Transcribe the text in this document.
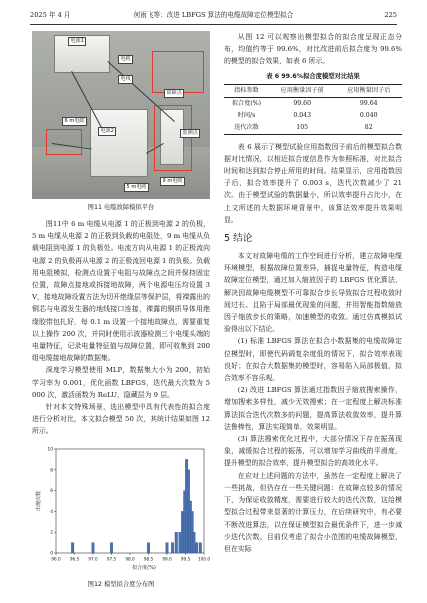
2025 年 4 月	何雨飞等：改进 LBFGS 算法的电缆故障定位模型拟合	225
电源1
电缆
电线
故障点
监测点
6 m电缆
电源2
5 m电缆
9 m电缆
图11 电缆故障模拟平台

图11中 6 m 电缆从电源 1 的正极到电源 2 的负极，5 m 电缆从电源 2 的正极到负载的电阻处，9 m 电缆从负载电阻到电源 1 的负极处。电流方向从电源 1 的正极流向电源 2 的负极再从电源 2 的正极流回电源 1 的负极。负载用电阻模拟，检测点设置于电阻与故障点之间并保持固定位置，故障点接地或拆接地故障，两个电源电压均设置 3 V，接地故障设置方法为切开绝缘层等保护层，将裸露出的铜芯与电源发生器的地线接口连接，裸露的铜质导体用绝缘胶带包扎好，每 0.1 m 设置一个接地故障点，需要重复以上操作 200 次，并同时使用示波器检测三个电缆头端的电量特征，记录电量特征值与故障位置，即可收集到 200 组电缆接地故障的数据集。

深度学习模型使用 MLP，数据集大小为 200，初始学习率为 0.001，优化函数 LBFGS，迭代最大次数为 5 000 次，激活函数为 ReLU，隐藏层为 9 层。

针对本文特殊场景，选出模型中具有代表性的拟合度进行分析对比，本文拟合模型 50 次，其统计结果如图 12 所示。

96.0 96.5 97.0 97.5 98.0 98.5 99.0 99.5 100.0
0
2
4
6
8
10
拟合度(%)
出现次数
图12 模型拟合度分布图

从图 12 可以观察出模型拟合的拟合度呈现正态分布，均值约等于 99.6%，对比改进前后拟合度为 99.6%的模型的拟合效果，如表 6 所示。

表 6 99.6%拟合度模型对比结果
指标参数	应用衡量因子前	应用衡量因子后
拟合度(%)	99.60	99.64
时间/s	0.043	0.040
迭代次数	105	82

表 6 展示了模型试验应用指数因子前后的模型拟合数据对比情况，以相近拟合度信息作为参照标准，对比拟合时间和达到拟合停止所用的时间。结果显示，应用指数因子后，拟合效率提升了 0.003 s，迭代次数减少了 21 次。由于模型试验的数据量小，所以效率提升占比小，在上文所述的大数据环境背景中，该算法效率提升效果明显。

5 结论

本文对故障电缆的工作空间进行分析，建立故障电缆环境模型，根据故障位置差异，捕捉电量特征，构造电缆故障定位模型，通过加入缩放因子的 LBFGS 优化算法，解决因故障电缆模型不可靠拟合步长导致拟合过程收敛时间过长、且陷于局部最优现象的问题，并用智能指数缩放因子缩放步长的策略，加速模型的收敛。通过仿真模拟试验得出以下结论。

(1) 标准 LBFGS 算法在拟合小数据集的电缆故障定位模型时，即使代码调复杂度低的情况下，拟合效率表现良好；在拟合大数据集的模型时，容易陷入局部极值，拟合效率不容乐观。

(2) 改进 LBFGS 算法通过指数因子缩放搜索操作，增加搜索多样性，减少无效搜索；在一定程度上解决标准算法拟合迭代次数多的问题，提高算法收敛效率，提升算法鲁棒性，算法实现简单，效果明显。

(3) 算法搜索优化过程中，大部分情况下存在振荡现象，减缓拟合过程的振荡，可以增加学习曲线的平滑度，提升模型的拟合效率，提升模型拟合的高效化水平。

在应对上述问题的方法中，虽然在一定程度上解决了一些挑战，但仍存在一些关键问题：在故障点较多的情况下，为保证收敛精度，需要进行较大的迭代次数，这给模型拟合过程带来显著的计算压力，在后续研究中，有必要不断改进算法，以在保证模型拟合最优条件下，进一步减少迭代次数。目前仅考虑了拟合小范围的电缆故障模型，但在实际
